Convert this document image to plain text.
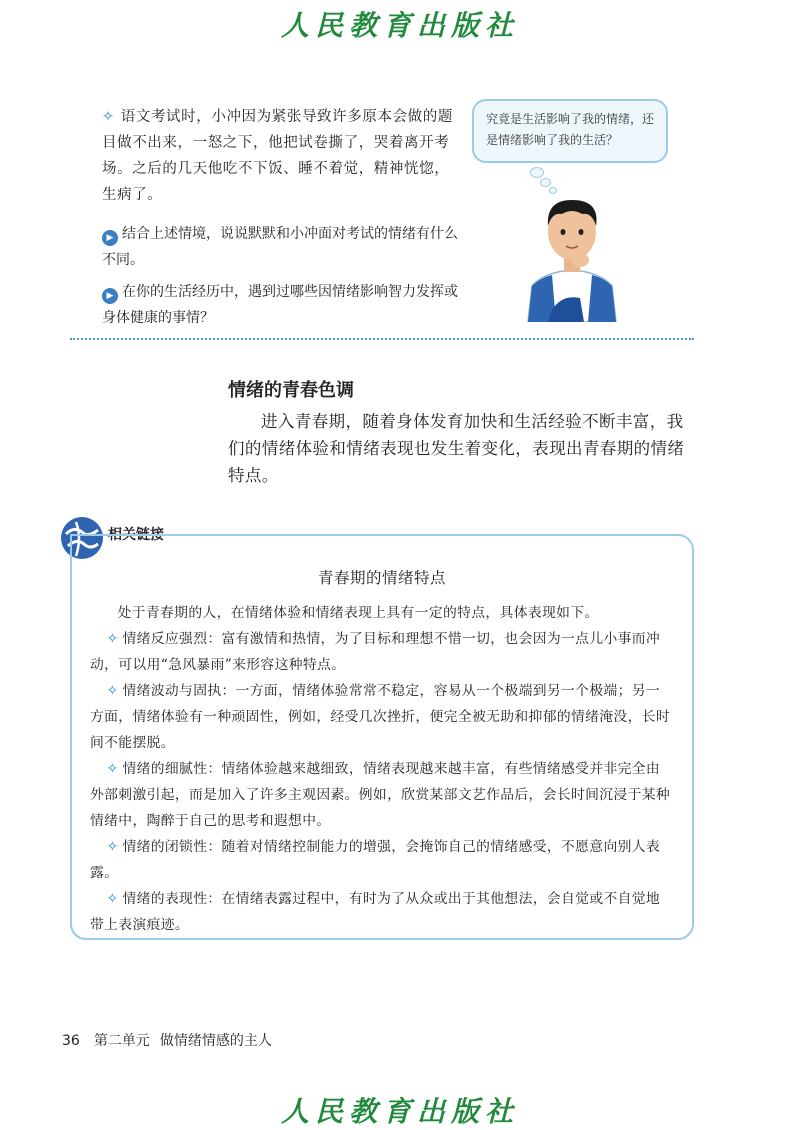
人民教育出版社
✧ 语文考试时，小冲因为紧张导致许多原本会做的题目做不出来，一怒之下，他把试卷撕了，哭着离开考场。之后的几天他吃不下饭、睡不着觉，精神恍惚，生病了。
究竟是生活影响了我的情绪，还是情绪影响了我的生活？
▶ 结合上述情境，说说默默和小冲面对考试的情绪有什么不同。
▶ 在你的生活经历中，遇到过哪些因情绪影响智力发挥或身体健康的事情？
情绪的青春色调
进入青春期，随着身体发育加快和生活经验不断丰富，我们的情绪体验和情绪表现也发生着变化，表现出青春期的情绪特点。
相关链接
青春期的情绪特点

处于青春期的人，在情绪体验和情绪表现上具有一定的特点，具体表现如下。

✧ 情绪反应强烈：富有激情和热情，为了目标和理想不惜一切，也会因为一点儿小事而冲动，可以用“急风暴雨”来形容这种特点。

✧ 情绪波动与固执：一方面，情绪体验常常不稳定，容易从一个极端到另一个极端；另一方面，情绪体验有一种顽固性，例如，经受几次挫折，便完全被无助和抑郁的情绪淹没，长时间不能摆脱。

✧ 情绪的细腻性：情绪体验越来越细致，情绪表现越来越丰富，有些情绪感受并非完全由外部刺激引起，而是加入了许多主观因素。例如，欣赏某部文艺作品后，会长时间沉浸于某种情绪中，陶醉于自己的思考和遐想中。

✧ 情绪的闭锁性：随着对情绪控制能力的增强，会掩饰自己的情绪感受，不愿意向别人表露。

✧ 情绪的表现性：在情绪表露过程中，有时为了从众或出于其他想法，会自觉或不自觉地带上表演痕迹。

36 第二单元 做情绪情感的主人
人民教育出版社
